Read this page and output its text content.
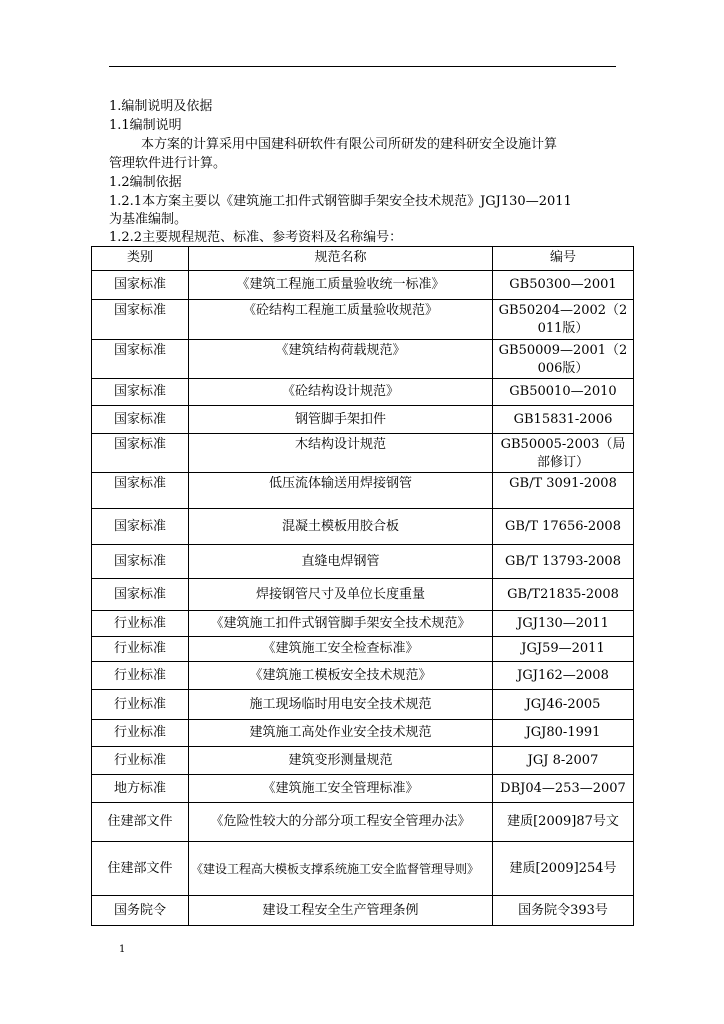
1.编制说明及依据
1.1编制说明
本方案的计算采用中国建科研软件有限公司所研发的建科研安全设施计算
管理软件进行计算。
1.2编制依据
1.2.1本方案主要以《建筑施工扣件式钢管脚手架安全技术规范》JGJ130—2011
为基准编制。
1.2.2主要规程规范、标准、参考资料及名称编号：
类别	规范名称	编号
国家标准	《建筑工程施工质量验收统一标准》	GB50300—2001
国家标准	《砼结构工程施工质量验收规范》	GB50204—2002（2011版）
国家标准	《建筑结构荷载规范》	GB50009—2001（2006版）
国家标准	《砼结构设计规范》	GB50010—2010
国家标准	钢管脚手架扣件	GB15831-2006
国家标准	木结构设计规范	GB50005-2003（局部修订）
国家标准	低压流体输送用焊接钢管	GB/T 3091-2008
国家标准	混凝土模板用胶合板	GB/T 17656-2008
国家标准	直缝电焊钢管	GB/T 13793-2008
国家标准	焊接钢管尺寸及单位长度重量	GB/T21835-2008
行业标准	《建筑施工扣件式钢管脚手架安全技术规范》	JGJ130—2011
行业标准	《建筑施工安全检查标准》	JGJ59—2011
行业标准	《建筑施工模板安全技术规范》	JGJ162—2008
行业标准	施工现场临时用电安全技术规范	JGJ46-2005
行业标准	建筑施工高处作业安全技术规范	JGJ80-1991
行业标准	建筑变形测量规范	JGJ 8-2007
地方标准	《建筑施工安全管理标准》	DBJ04—253—2007
住建部文件	《危险性较大的分部分项工程安全管理办法》	建质[2009]87号文
住建部文件	《建设工程高大模板支撑系统施工安全监督管理导则》	建质[2009]254号
国务院令	建设工程安全生产管理条例	国务院令393号
1
